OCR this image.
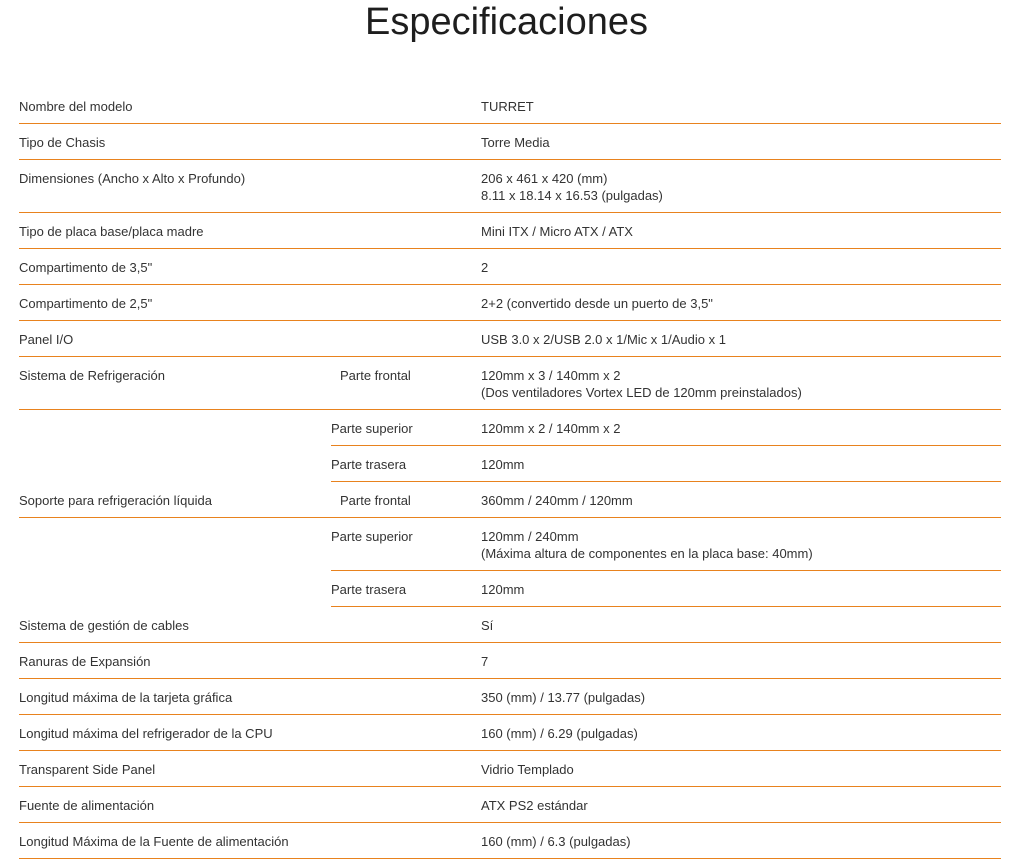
Especificaciones
Nombre del modelo	TURRET
Tipo de Chasis	Torre Media
Dimensiones (Ancho x Alto x Profundo)	206 x 461 x 420 (mm)
8.11 x 18.14 x 16.53 (pulgadas)
Tipo de placa base/placa madre	Mini ITX / Micro ATX / ATX
Compartimento de 3,5"	2
Compartimento de 2,5"	2+2 (convertido desde un puerto de 3,5"
Panel I/O	USB 3.0 x 2/USB 2.0 x 1/Mic x 1/Audio x 1
Sistema de Refrigeración	Parte frontal	120mm x 3 / 140mm x 2
(Dos ventiladores Vortex LED de 120mm preinstalados)
Parte superior	120mm x 2 / 140mm x 2
Parte trasera	120mm
Soporte para refrigeración líquida	Parte frontal	360mm / 240mm / 120mm
Parte superior	120mm / 240mm
(Máxima altura de componentes en la placa base: 40mm)
Parte trasera	120mm
Sistema de gestión de cables	Sí
Ranuras de Expansión	7
Longitud máxima de la tarjeta gráfica	350 (mm) / 13.77 (pulgadas)
Longitud máxima del refrigerador de la CPU	160 (mm) / 6.29 (pulgadas)
Transparent Side Panel	Vidrio Templado
Fuente de alimentación	ATX PS2 estándar
Longitud Máxima de la Fuente de alimentación	160 (mm) / 6.3 (pulgadas)
